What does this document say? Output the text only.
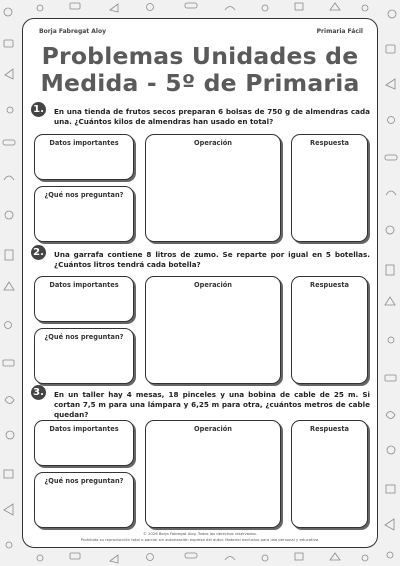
Borja Fabregat Aloy	Primaria Fácil
Problemas Unidades de
Medida - 5º de Primaria
1. En una tienda de frutos secos preparan 6 bolsas de 750 g de almendras cada una. ¿Cuántos kilos de almendras han usado en total?
Datos importantes	Operación	Respuesta
¿Qué nos preguntan?
2. Una garrafa contiene 8 litros de zumo. Se reparte por igual en 5 botellas. ¿Cuántos litros tendrá cada botella?
Datos importantes	Operación	Respuesta
¿Qué nos preguntan?
3. En un taller hay 4 mesas, 18 pinceles y una bobina de cable de 25 m. Si cortan 7,5 m para una lámpara y 6,25 m para otra, ¿cuántos metros de cable quedan?
Datos importantes	Operación	Respuesta
¿Qué nos preguntan?
© 2026 Borja Fabregat Aloy. Todos los derechos reservados.
Prohibida su reproducción total o parcial sin autorización expresa del autor. Material exclusivo para uso personal y educativo.
